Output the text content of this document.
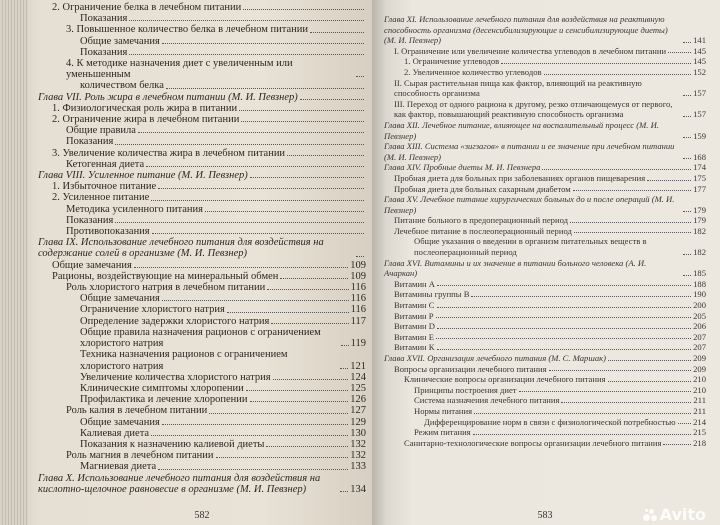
2. Ограничение белка в лечебном питании
Показания
3. Повышенное количество белка в лечебном питании
Общие замечания
Показания
4. К методике назначения диет с увеличенным или уменьшенным
количеством белка
Глава VII. Роль жира в лечебном питании (М. И. Певзнер)
1. Физиологическая роль жира в питании
2. Ограничение жира в лечебном питании
Общие правила
Показания
3. Увеличение количества жира в лечебном питании
Кетогенная диета
Глава VIII. Усиленное питание (М. И. Певзнер)
1. Избыточное питание
2. Усиленное питание
Методика усиленного питания
Показания
Противопоказания
Глава IX. Использование лечебного питания для воздействия на содержание солей в организме (М. И. Певзнер)
Общие замечания	109
Рационы, воздействующие на минеральный обмен	109
Роль хлористого натрия в лечебном питании	116
Общие замечания	116
Ограничение хлористого натрия	116
Определение задержки хлористого натрия	117
Общие правила назначения рационов с ограничением хлористого натрия	119
Техника назначения рационов с ограничением хлористого натрия	121
Увеличение количества хлористого натрия	124
Клинические симптомы хлоропении	125
Профилактика и лечение хлоропении	126
Роль калия в лечебном питании	127
Общие замечания	129
Калиевая диета	130
Показания к назначению калиевой диеты	132
Роль магния в лечебном питании	132
Магниевая диета	133
Глава X. Использование лечебного питания для воздействия на кислотно-щелочное равновесие в организме (М. И. Певзнер)	134
582
Глава XI. Использование лечебного питания для воздействия на реактивную способность организма (десенсибилизирующие и сенсибилизирующие диеты) (М. И. Певзнер)	141
I. Ограничение или увеличение количества углеводов в лечебном питании	145
1. Ограничение углеводов	145
2. Увеличенное количество углеводов	152
II. Сырая растительная пища как фактор, влияющий на реактивную способность организма	157
III. Переход от одного рациона к другому, резко отличающемуся от первого, как фактор, повышающий реактивную способность организма	157
Глава XII. Лечебное питание, влияющее на воспалительный процесс (М. И. Певзнер)	159
Глава XIII. Система «зигзагов» в питании и ее значение при лечебном питании (М. И. Певзнер)	168
Глава XIV. Пробные диеты М. И. Певзнера	174
Пробная диета для больных при заболеваниях органов пищеварения	175
Пробная диета для больных сахарным диабетом	177
Глава XV. Лечебное питание хирургических больных до и после операций (М. И. Певзнер)	179
Питание больного в предоперационный период	179
Лечебное питание в послеоперационный период	182
Общие указания о введении в организм питательных веществ в послеоперационный период	182
Глава XVI. Витамины и их значение в питании больного человека (А. И. Ачаркан)	185
Витамин А	188
Витамины группы В	190
Витамин С	200
Витамин Р	205
Витамин D	206
Витамин Е	207
Витамин К	207
Глава XVII. Организация лечебного питания (М. С. Маршак)	209
Вопросы организации лечебного питания	209
Клинические вопросы организации лечебного питания	210
Принципы построения диет	210
Система назначения лечебного питания	211
Нормы питания	211
Дифференцирование норм в связи с физиологической потребностью 214
Режим питания	215
Санитарно-технологические вопросы организации лечебного питания	218
583	Avito
